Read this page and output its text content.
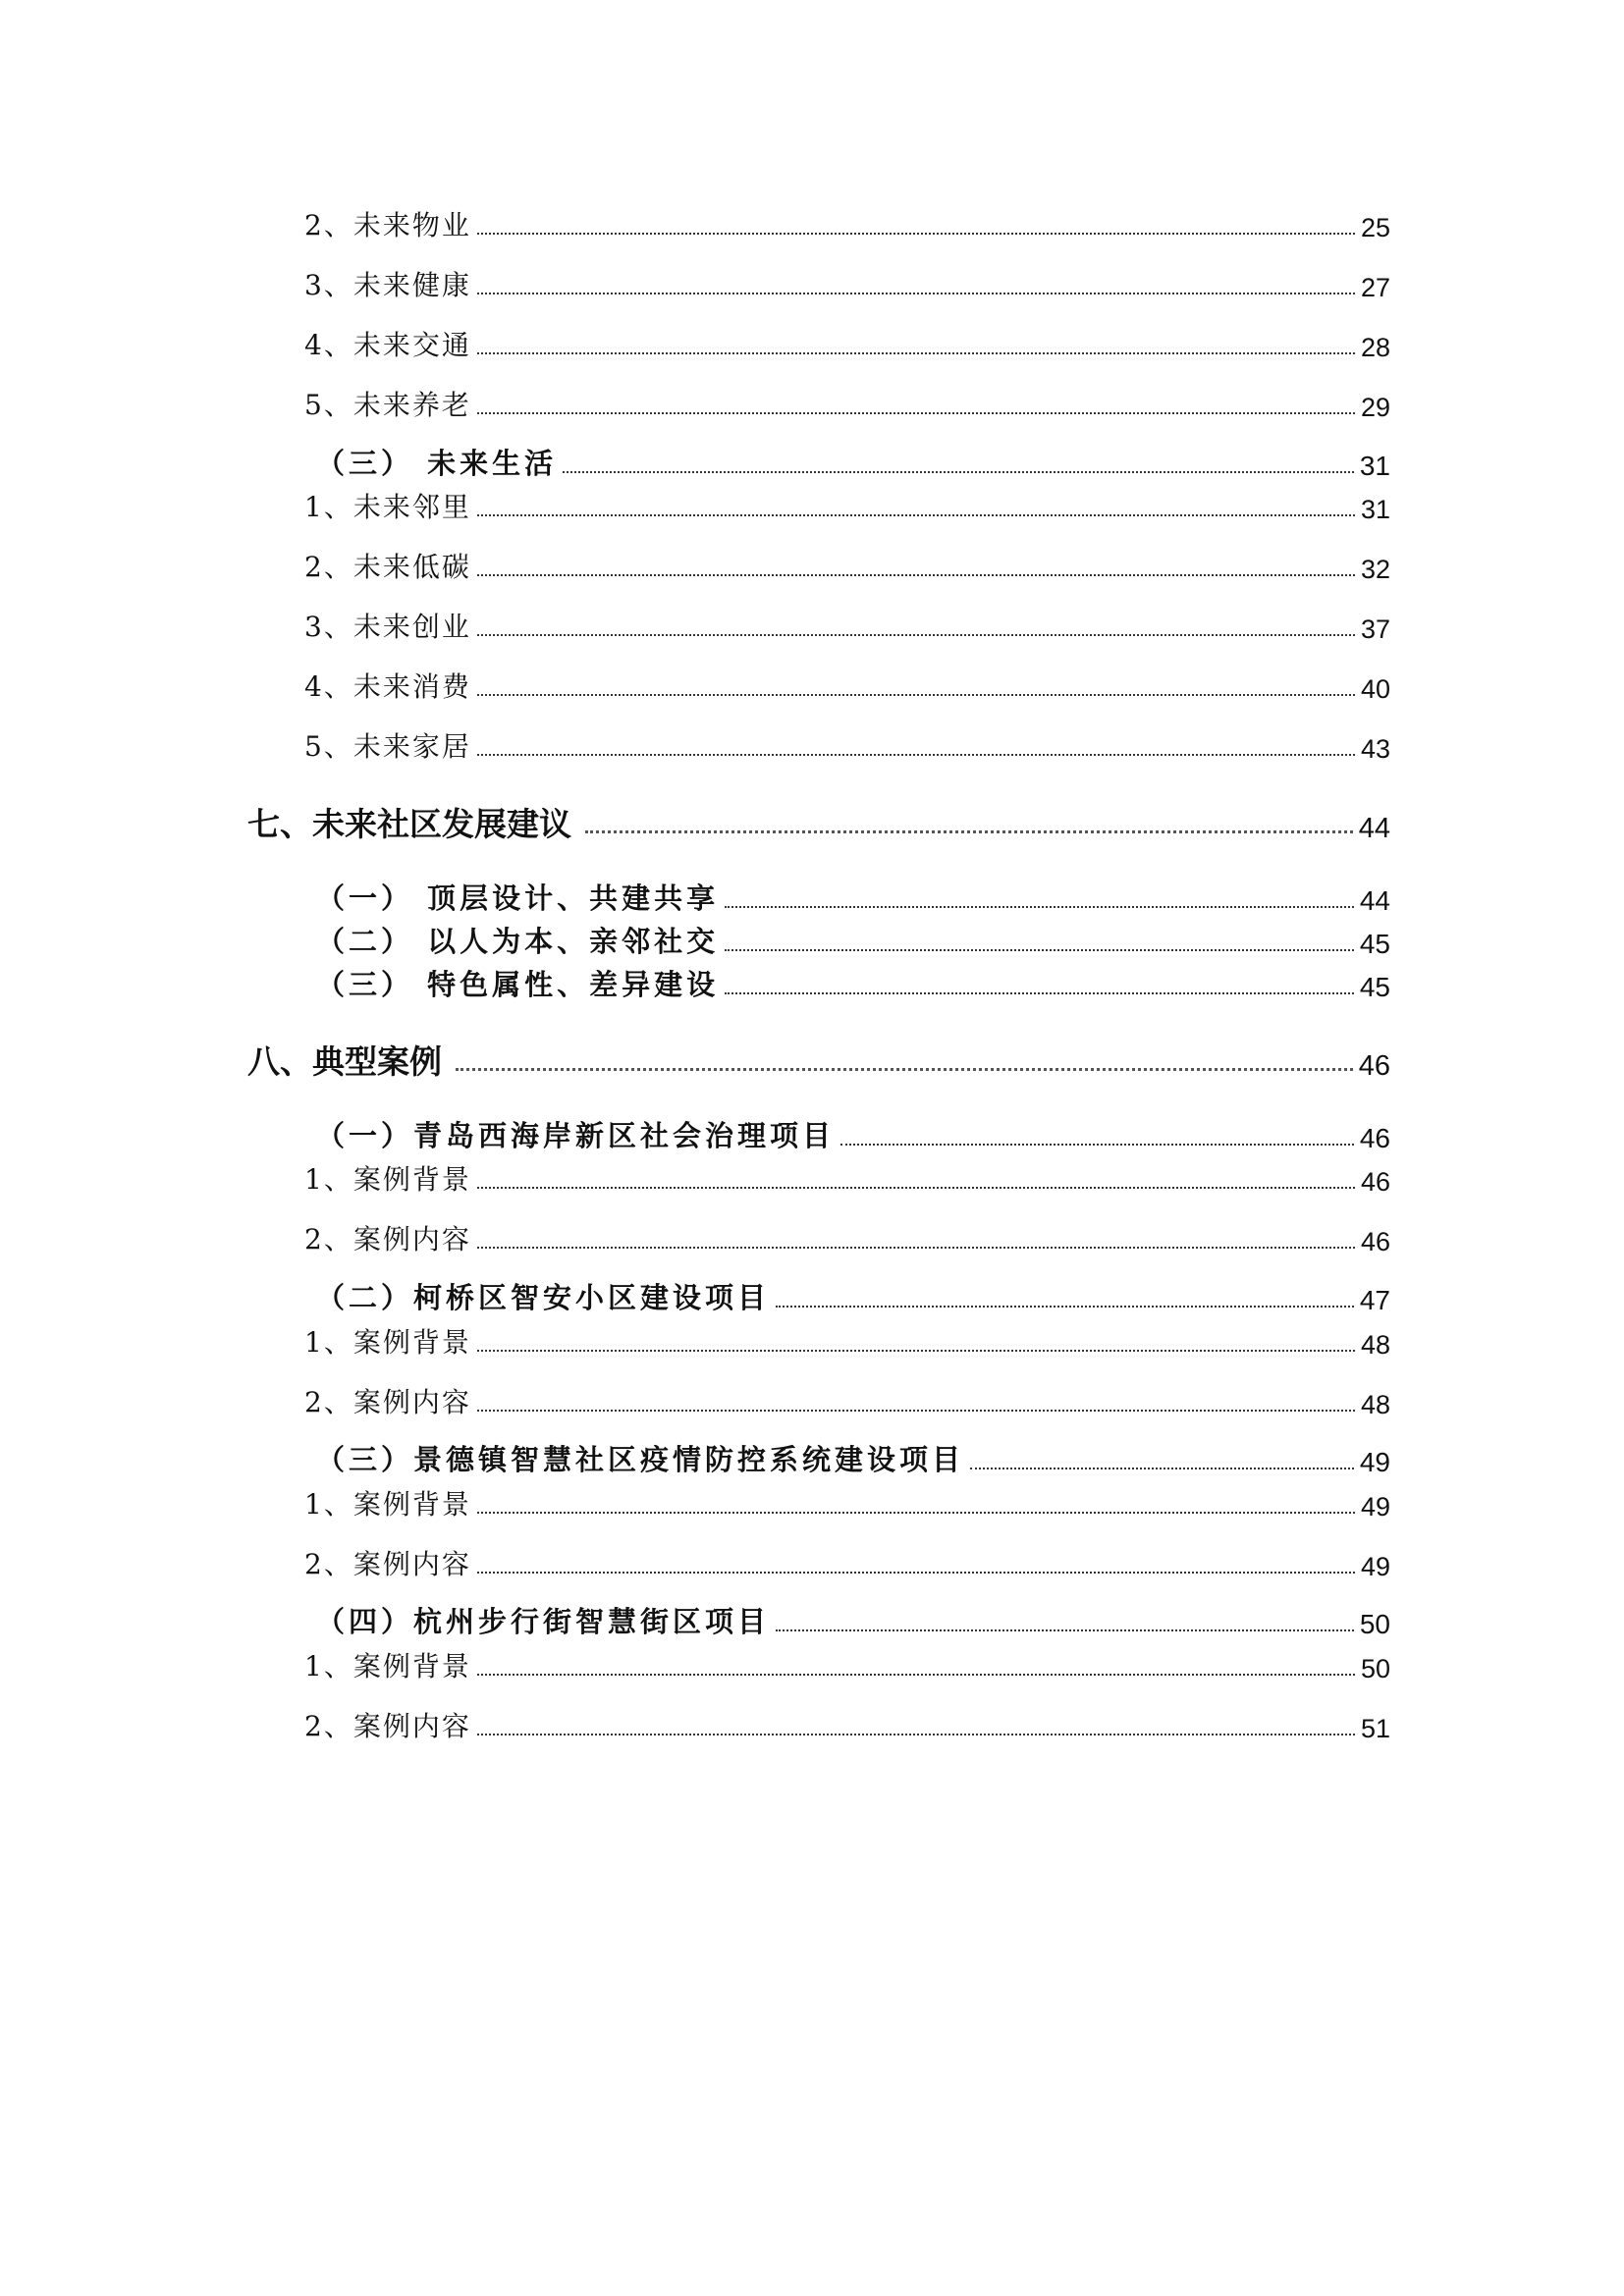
2、未来物业	25
3、未来健康	27
4、未来交通	28
5、未来养老	29
（三） 未来生活	31
1、未来邻里	31
2、未来低碳	32
3、未来创业	37
4、未来消费	40
5、未来家居	43
七、未来社区发展建议	44
（一） 顶层设计、共建共享	44
（二） 以人为本、亲邻社交	45
（三） 特色属性、差异建设	45
八、典型案例	46
（一）青岛西海岸新区社会治理项目	46
1、案例背景	46
2、案例内容	46
（二）柯桥区智安小区建设项目	47
1、案例背景	48
2、案例内容	48
（三）景德镇智慧社区疫情防控系统建设项目	49
1、案例背景	49
2、案例内容	49
（四）杭州步行街智慧街区项目	50
1、案例背景	50
2、案例内容	51
